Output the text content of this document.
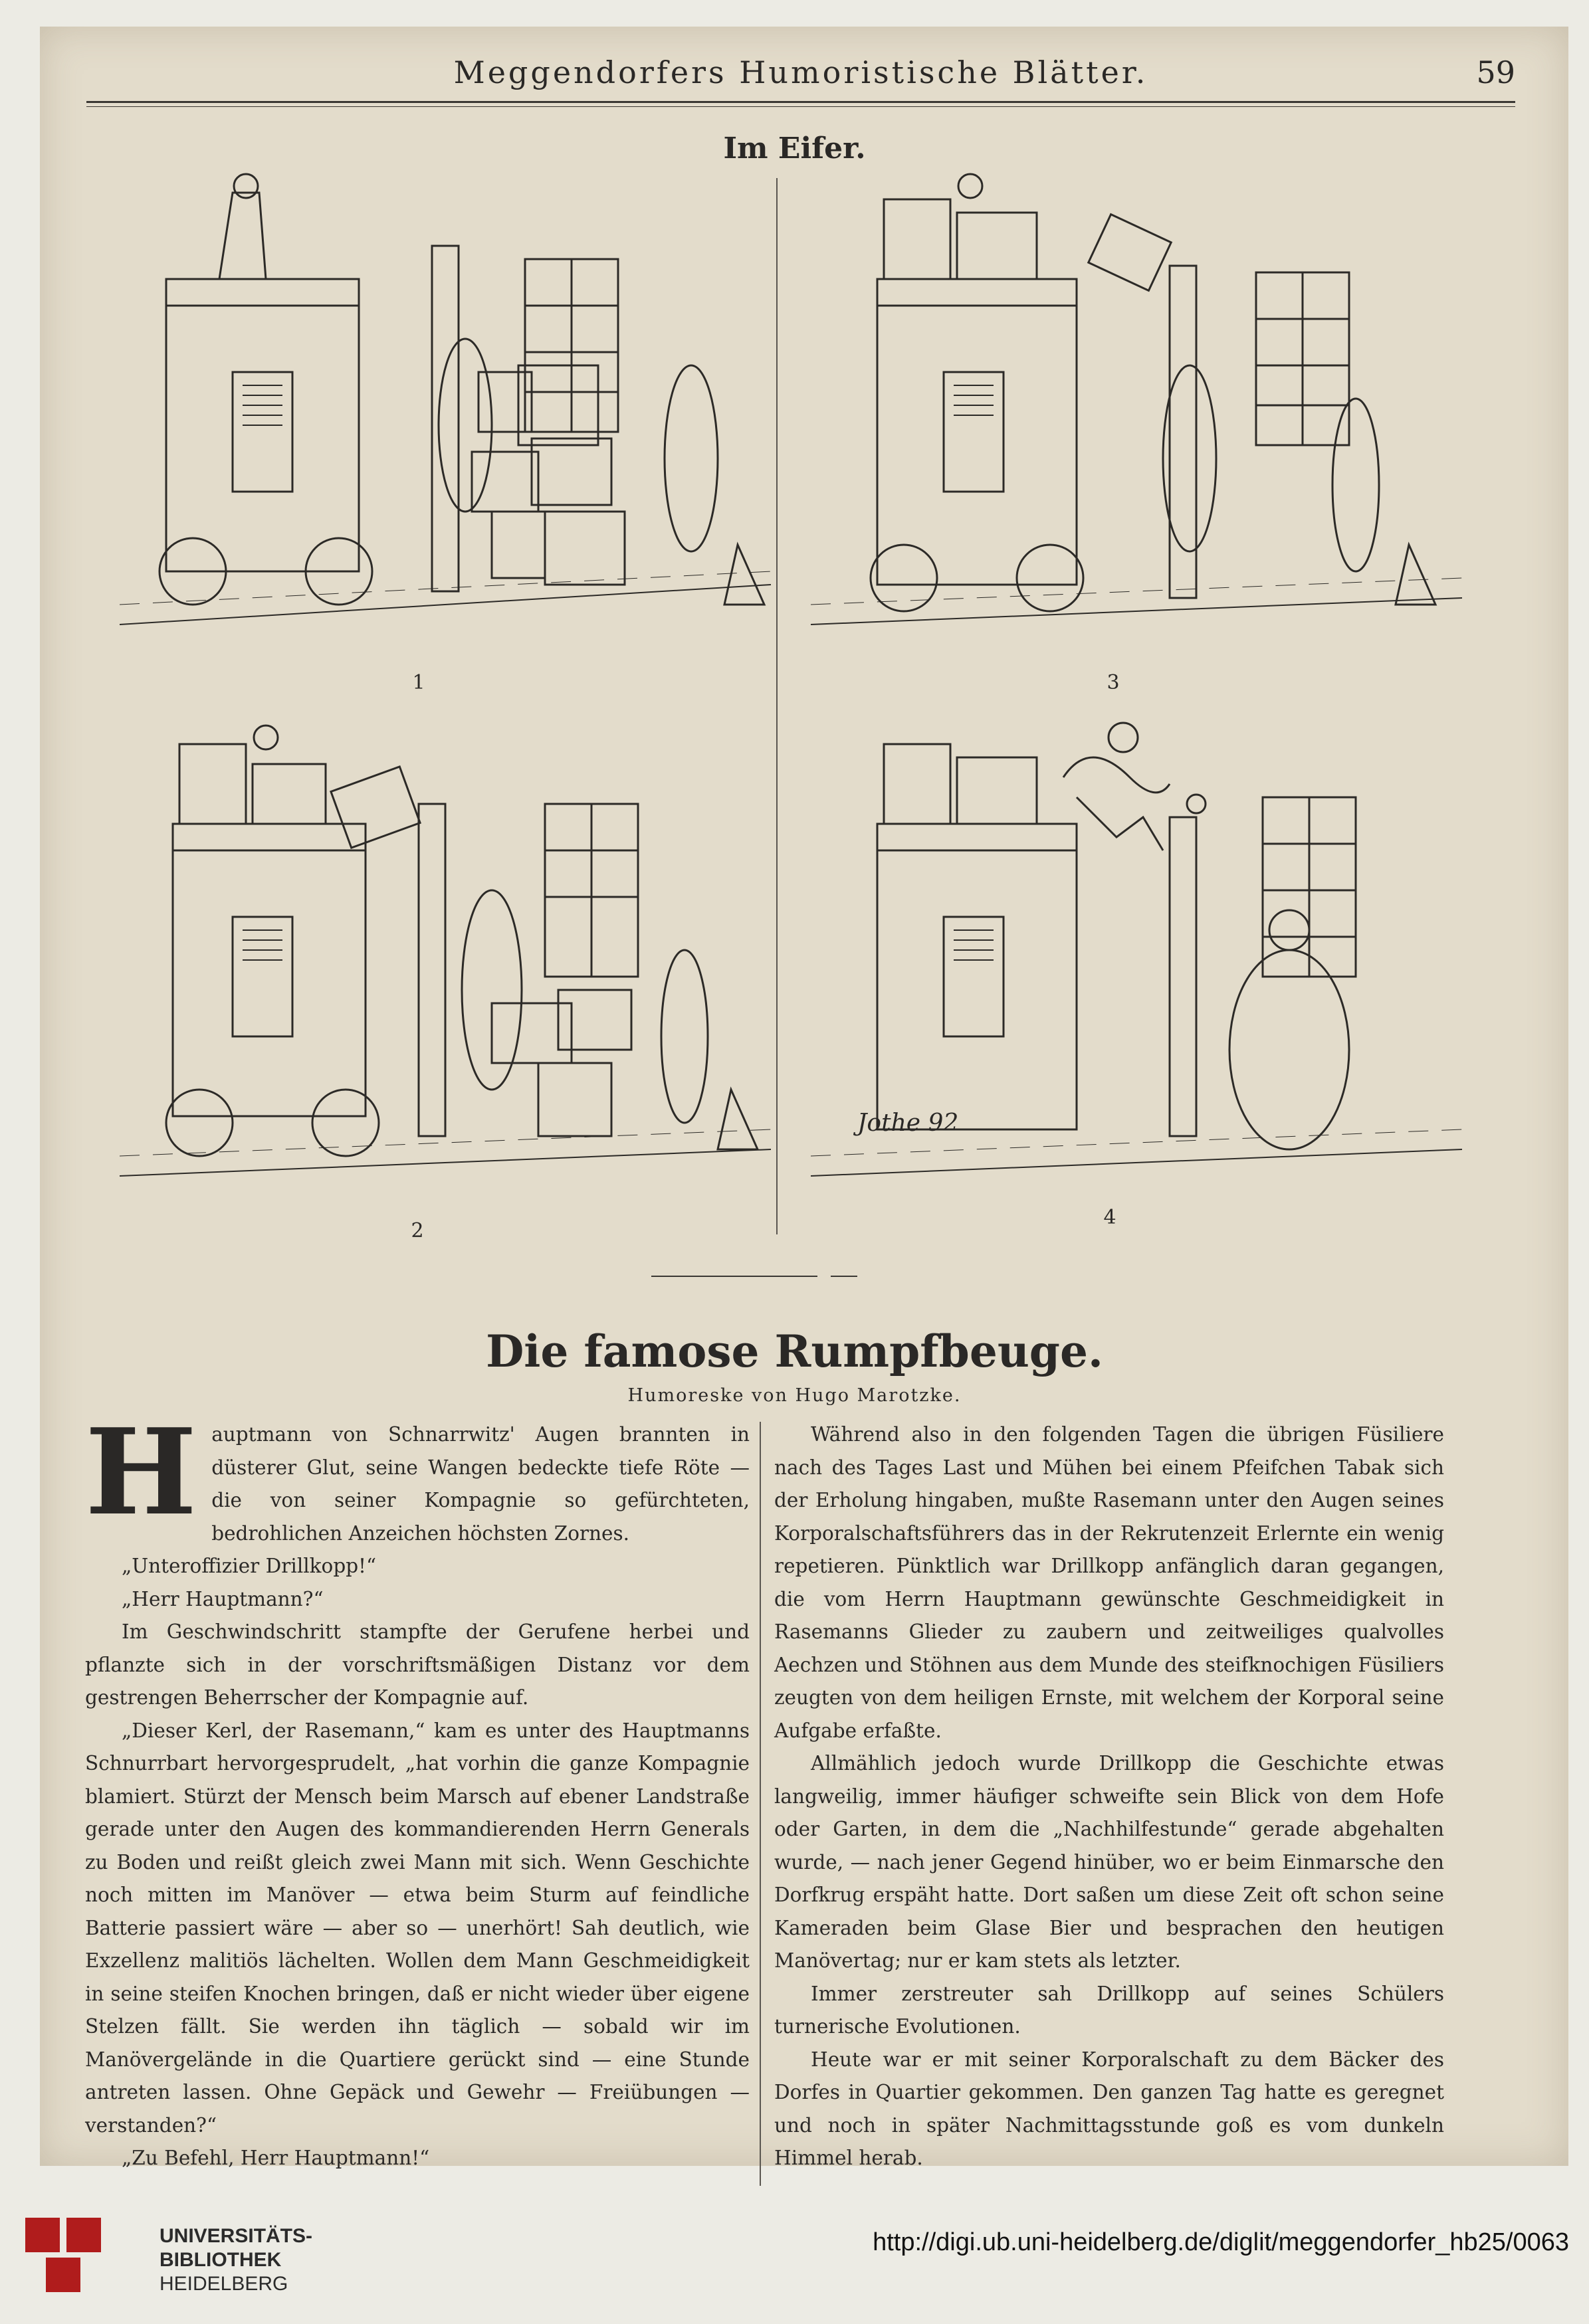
Meggendorfers Humoristische Blätter.	59
Im Eifer.
1	3
2
4
Jothe 92
Die famose Rumpfbeuge.
Humoreske von Hugo Marotzke.
H auptmann von Schnarrwitz' Augen brannten in düsterer Glut, seine Wangen bedeckte tiefe Röte — die von seiner Kompagnie so gefürchteten, bedrohlichen Anzeichen höchsten Zornes.

„Unteroffizier Drillkopp!“

„Herr Hauptmann?“

Im Geschwindschritt stampfte der Gerufene herbei und pflanzte sich in der vorschriftsmäßigen Distanz vor dem gestrengen Beherrscher der Kompagnie auf.

„Dieser Kerl, der Rasemann,“ kam es unter des Hauptmanns Schnurrbart hervorgesprudelt, „hat vorhin die ganze Kompagnie blamiert. Stürzt der Mensch beim Marsch auf ebener Landstraße gerade unter den Augen des kommandierenden Herrn Generals zu Boden und reißt gleich zwei Mann mit sich. Wenn Geschichte noch mitten im Manöver — etwa beim Sturm auf feindliche Batterie passiert wäre — aber so — unerhört! Sah deutlich, wie Exzellenz malitiös lächelten. Wollen dem Mann Geschmeidigkeit in seine steifen Knochen bringen, daß er nicht wieder über eigene Stelzen fällt. Sie werden ihn täglich — sobald wir im Manövergelände in die Quartiere gerückt sind — eine Stunde antreten lassen. Ohne Gepäck und Gewehr — Freiübungen — verstanden?“

„Zu Befehl, Herr Hauptmann!“

Während also in den folgenden Tagen die übrigen Füsiliere nach des Tages Last und Mühen bei einem Pfeifchen Tabak sich der Erholung hingaben, mußte Rasemann unter den Augen seines Korporalschaftsführers das in der Rekrutenzeit Erlernte ein wenig repetieren. Pünktlich war Drillkopp anfänglich daran gegangen, die vom Herrn Hauptmann gewünschte Geschmeidigkeit in Rasemanns Glieder zu zaubern und zeitweiliges qualvolles Aechzen und Stöhnen aus dem Munde des steifknochigen Füsiliers zeugten von dem heiligen Ernste, mit welchem der Korporal seine Aufgabe erfaßte.

Allmählich jedoch wurde Drillkopp die Geschichte etwas langweilig, immer häufiger schweifte sein Blick von dem Hofe oder Garten, in dem die „Nachhilfestunde“ gerade abgehalten wurde, — nach jener Gegend hinüber, wo er beim Einmarsche den Dorfkrug erspäht hatte. Dort saßen um diese Zeit oft schon seine Kameraden beim Glase Bier und besprachen den heutigen Manövertag; nur er kam stets als letzter.

Immer zerstreuter sah Drillkopp auf seines Schülers turnerische Evolutionen.

Heute war er mit seiner Korporalschaft zu dem Bäcker des Dorfes in Quartier gekommen. Den ganzen Tag hatte es geregnet und noch in später Nachmittagsstunde goß es vom dunkeln Himmel herab.

UNIVERSITÄTS-
BIBLIOTHEK
HEIDELBERG
http://digi.ub.uni-heidelberg.de/diglit/meggendorfer_hb25/0063
